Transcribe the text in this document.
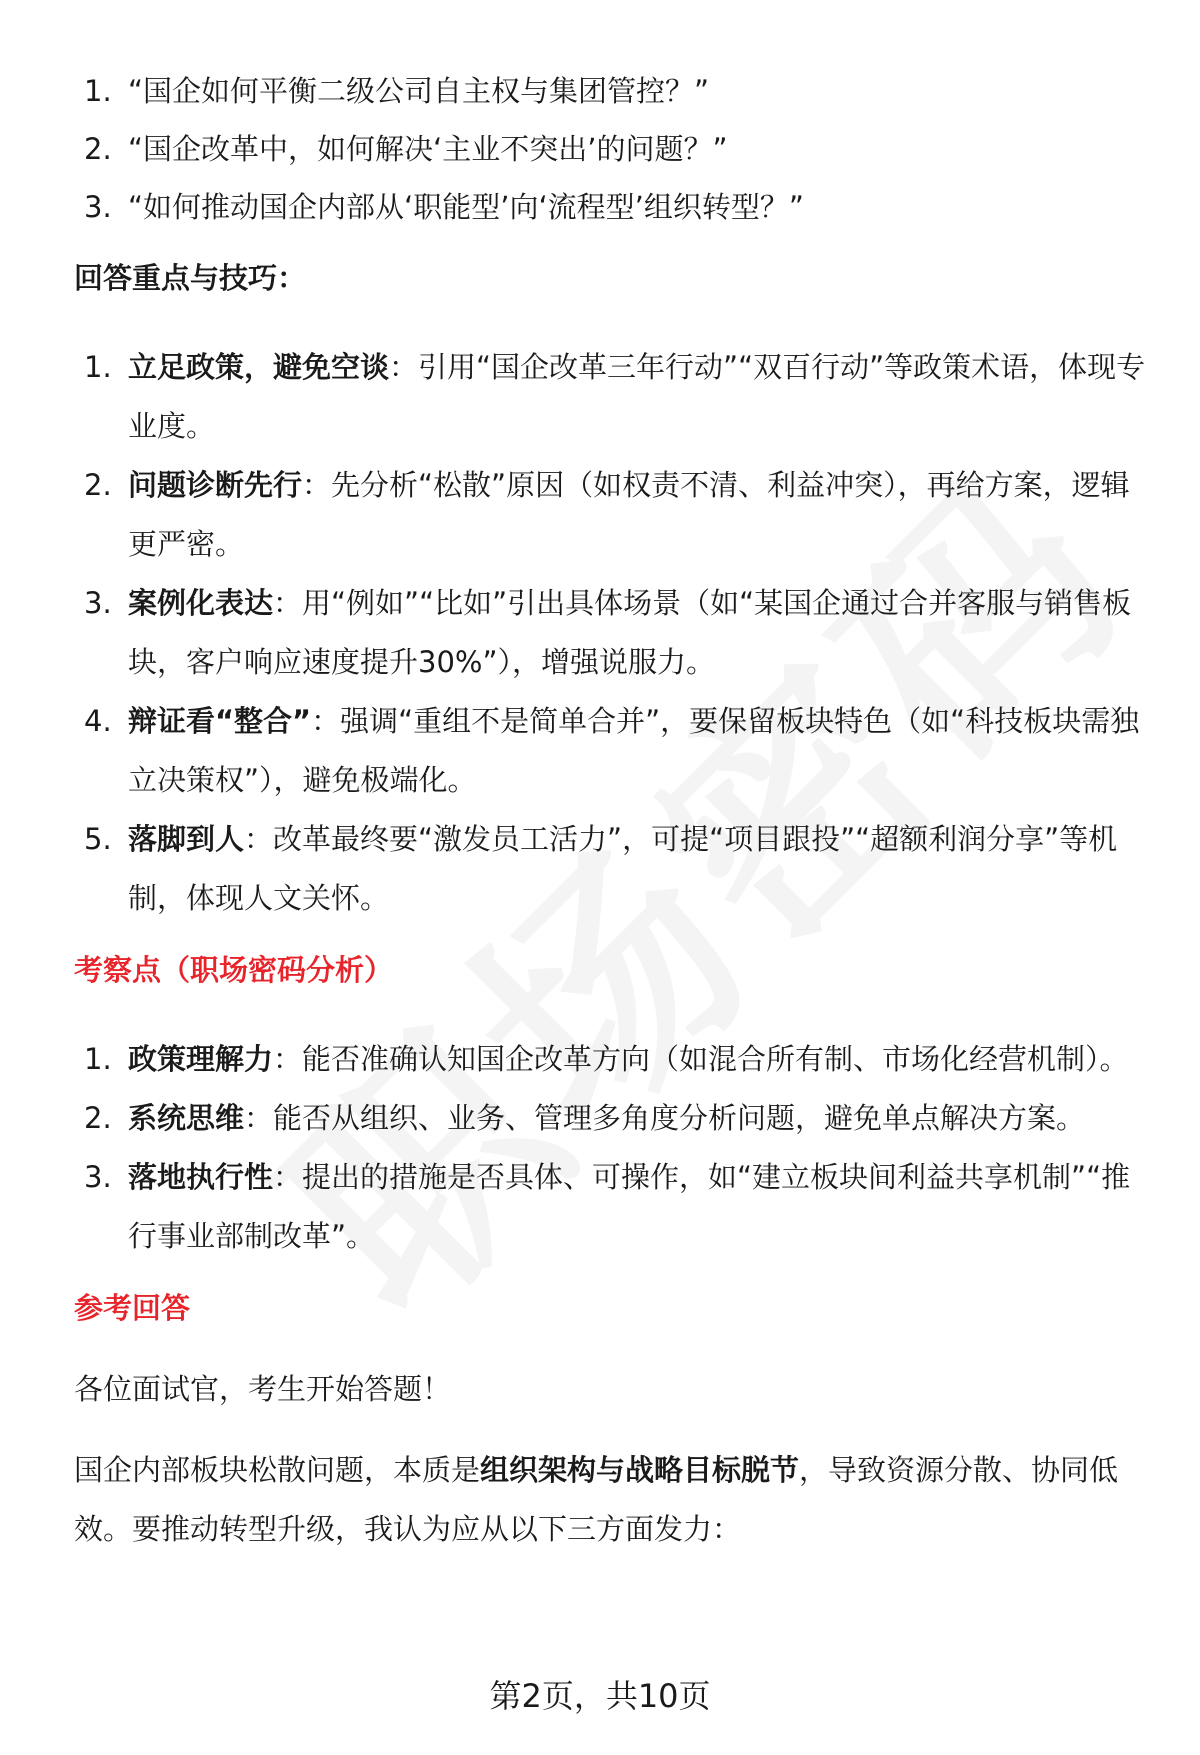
1. “国企如何平衡二级公司自主权与集团管控？”
2. “国企改革中，如何解决‘主业不突出’的问题？”
3. “如何推动国企内部从‘职能型’向‘流程型’组织转型？”
回答重点与技巧：
1. 立足政策，避免空谈：引用“国企改革三年行动”“双百行动”等政策术语，体现专业度。
2. 问题诊断先行：先分析“松散”原因（如权责不清、利益冲突），再给方案，逻辑更严密。
3. 案例化表达：用“例如”“比如”引出具体场景（如“某国企通过合并客服与销售板块，客户响应速度提升30%”），增强说服力。
4. 辩证看“整合”：强调“重组不是简单合并”，要保留板块特色（如“科技板块需独立决策权”），避免极端化。
5. 落脚到人：改革最终要“激发员工活力”，可提“项目跟投”“超额利润分享”等机制，体现人文关怀。
考察点（职场密码分析）
1. 政策理解力：能否准确认知国企改革方向（如混合所有制、市场化经营机制）。
2. 系统思维：能否从组织、业务、管理多角度分析问题，避免单点解决方案。
3. 落地执行性：提出的措施是否具体、可操作，如“建立板块间利益共享机制”“推行事业部制改革”。
参考回答

各位面试官，考生开始答题！

国企内部板块松散问题，本质是组织架构与战略目标脱节，导致资源分散、协同低效。要推动转型升级，我认为应从以下三方面发力：

第2页，共10页
